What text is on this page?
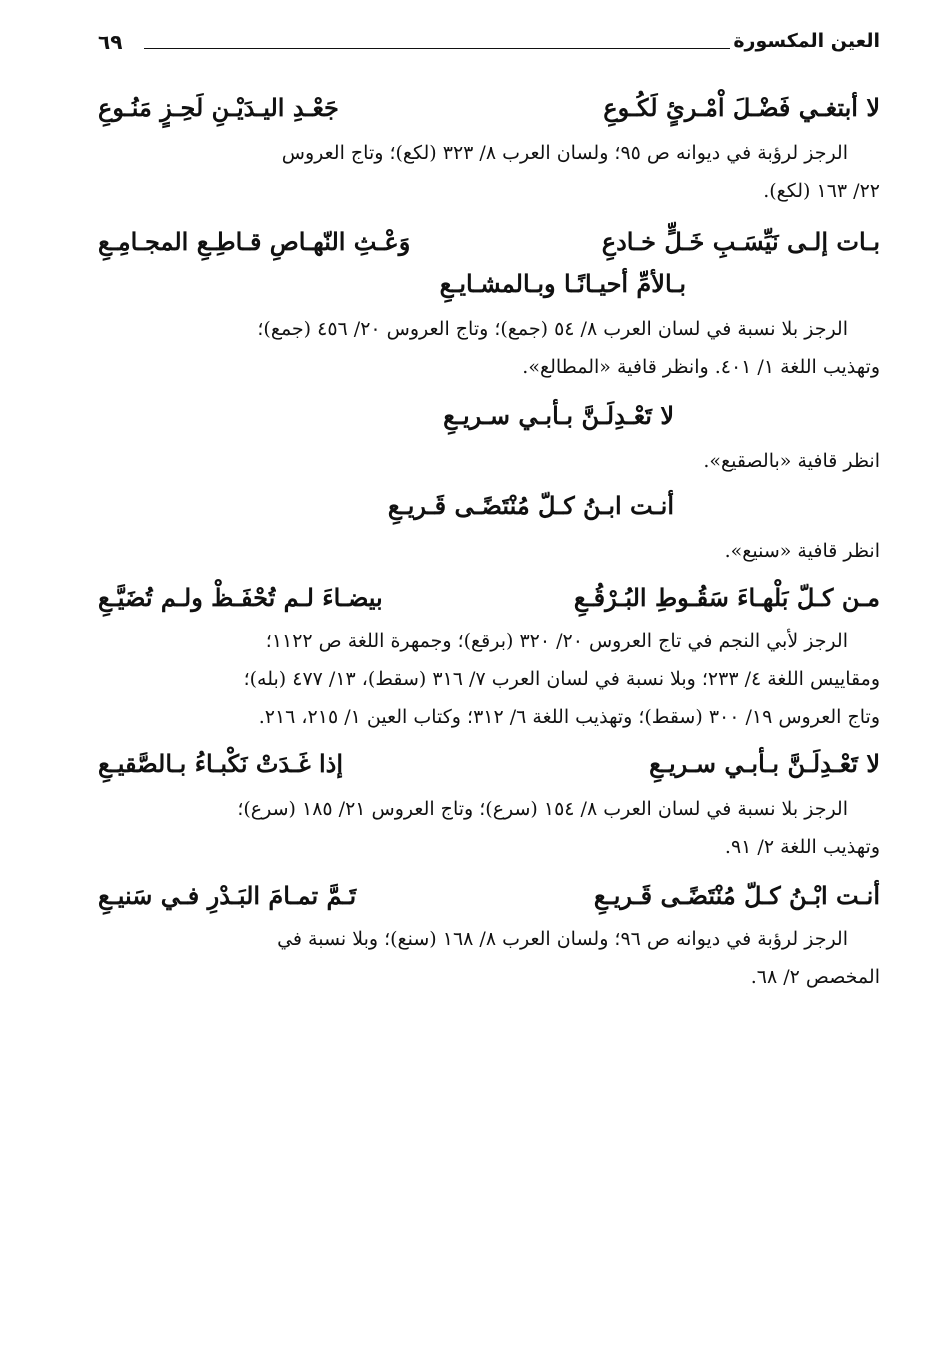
العين المكسورة
٦٩
لا أبتغـي فَضْـلَ اْمْـرئٍ لَكُـوعِ
جَعْـدِ اليـدَيْـنِ لَحِـزٍ مَنُـوعِ
الرجز لرؤبة في ديوانه ص ٩٥؛ ولسان العرب ٨/ ٣٢٣ (لكع)؛ وتاج العروس
٢٢/ ١٦٣ (لكع).
بـات إلـى نَيِّسَـبِ خَـلٍّ خـادعِ
وَعْـثِ النّهـاصِ قـاطِـعِ المجـامِـعِ
بـالأمِّ أحيـانًـا وبـالمشـايـعِ
الرجز بلا نسبة في لسان العرب ٨/ ٥٤ (جمع)؛ وتاج العروس ٢٠/ ٤٥٦ (جمع)؛
وتهذيب اللغة ١/ ٤٠١. وانظر قافية «المطالع».
لا تَعْـدِلَـنَّ بـأبـي سـريـعِ
انظر قافية «بالصقيع».
أنـت ابـنُ كـلّ مُنْتَضًـى قَـريـعِ
انظر قافية «سنيع».
مـن كـلّ بَلْهـاءَ سَقُـوطِ البُـرْقُـعِ
بيضـاءَ لـم تُحْفَـظْ ولـم تُضَيَّـعِ
الرجز لأبي النجم في تاج العروس ٢٠/ ٣٢٠ (برقع)؛ وجمهرة اللغة ص ١١٢٢؛
ومقاييس اللغة ٤/ ٢٣٣؛ وبلا نسبة في لسان العرب ٧/ ٣١٦ (سقط)، ١٣/ ٤٧٧ (بله)؛
وتاج العروس ١٩/ ٣٠٠ (سقط)؛ وتهذيب اللغة ٦/ ٣١٢؛ وكتاب العين ١/ ٢١٥، ٢١٦.
لا تَعْـدِلَـنَّ بـأبـي سـريـعِ
إذا غَـدَتْ نَكْبـاءُ بـالصَّقيـعِ
الرجز بلا نسبة في لسان العرب ٨/ ١٥٤ (سرع)؛ وتاج العروس ٢١/ ١٨٥ (سرع)؛
وتهذيب اللغة ٢/ ٩١.
أنـت ابْـنُ كـلّ مُنْتَضًـى قَـريـعِ
تَـمَّ تمـامَ البَـدْرِ فـي سَنيـعِ
الرجز لرؤبة في ديوانه ص ٩٦؛ ولسان العرب ٨/ ١٦٨ (سنع)؛ وبلا نسبة في
المخصص ٢/ ٦٨.
